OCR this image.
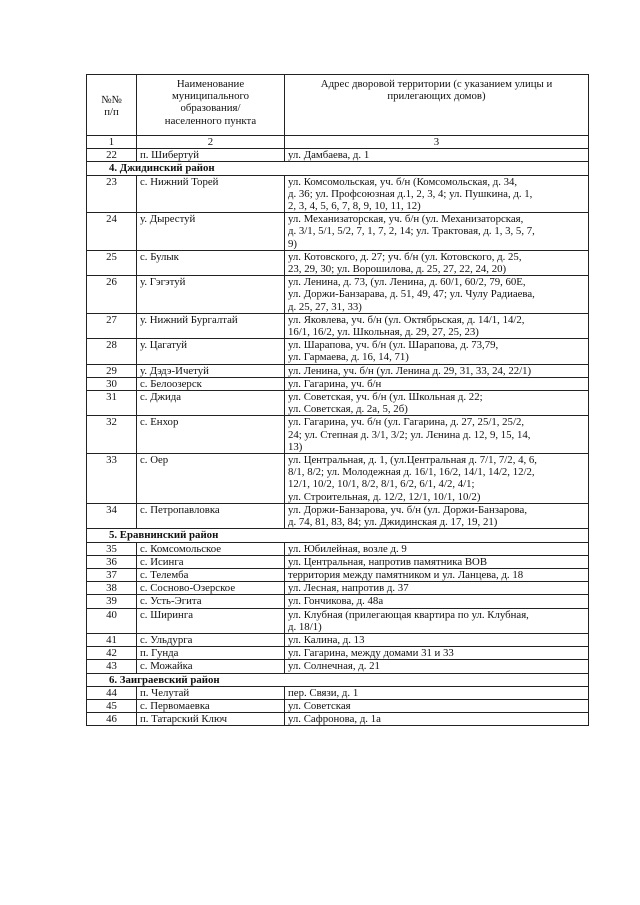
№№
п/п	Наименование
муниципального
образования/
населенного пункта	Адрес дворовой территории (с указанием улицы и
прилегающих домов)
1	2	3
22	п. Шибертуй	ул. Дамбаева, д. 1
4. Джидинский район		
23	с. Нижний Торей	ул. Комсомольская, уч. б/н (Комсомольская, д. 34,
д. 36; ул. Профсоюзная д.1, 2, 3, 4; ул. Пушкина, д. 1,
2, 3, 4, 5, 6, 7, 8, 9, 10, 11, 12)
24	у. Дырестуй	ул. Механизаторская, уч. б/н (ул. Механизаторская,
д. 3/1, 5/1, 5/2, 7, 1, 7, 2, 14; ул. Трактовая, д. 1, 3, 5, 7,
9)
25	с. Булык	ул. Котовского, д. 27; уч. б/н (ул. Котовского, д. 25,
23, 29, 30; ул. Ворошилова, д. 25, 27, 22, 24, 20)
26	у. Гэгэтуй	ул. Ленина, д. 73, (ул. Ленина, д. 60/1, 60/2, 79, 60Е,
ул. Доржи-Банзарава, д. 51, 49, 47; ул. Чулу Радиаева,
д. 25, 27, 31, 33)
27	у. Нижний Бургалтай	ул. Яковлева, уч. б/н (ул. Октябрьская, д. 14/1, 14/2,
16/1, 16/2, ул. Школьная, д. 29, 27, 25, 23)
28	у. Цагатуй	ул. Шарапова, уч. б/н (ул. Шарапова, д. 73,79,
ул. Гармаева, д. 16, 14, 71)
29	у. Дэдэ-Ичетуй	ул. Ленина, уч. б/н (ул. Ленина д. 29, 31, 33, 24, 22/1)
30	с. Белоозерск	ул. Гагарина, уч. б/н
31	с. Джида	ул. Советская, уч. б/н (ул. Школьная д. 22;
ул. Советская, д. 2а, 5, 2б)
32	с. Енхор	ул. Гагарина, уч. б/н (ул. Гагарина, д. 27, 25/1, 25/2,
24; ул. Степная д. 3/1, 3/2; ул. Лєнина д. 12, 9, 15, 14,
13)
33	с. Оер	ул. Центральная, д. 1, (ул.Центральная д. 7/1, 7/2, 4, 6,
8/1, 8/2; ул. Молодежная д. 16/1, 16/2, 14/1, 14/2, 12/2,
12/1, 10/2, 10/1, 8/2, 8/1, 6/2, 6/1, 4/2, 4/1;
ул. Строительная, д. 12/2, 12/1, 10/1, 10/2)
34	с. Петропавловка	ул. Доржи-Банзарова, уч. б/н (ул. Доржи-Банзарова,
д. 74, 81, 83, 84; ул. Джидинская д. 17, 19, 21)
5. Еравнинский район		
35	с. Комсомольское	ул. Юбилейная, возле д. 9
36	с. Исинга	ул. Центральная, напротив памятника ВОВ
37	с. Телемба	территория между памятником и ул. Ланцева, д. 18
38	с. Сосново-Озерское	ул. Лесная, напротив д. 37
39	с. Усть-Эгита	ул. Гончикова, д. 48а
40	с. Ширинга	ул. Клубная (прилегающая квартира по ул. Клубная,
д. 18/1)
41	с. Ульдурга	ул. Калина, д. 13
42	п. Гунда	ул. Гагарина, между домами 31 и 33
43	с. Можайка	ул. Солнечная, д. 21
6. Заиграевский район		
44	п. Челутай	пер. Связи, д. 1
45	с. Первомаевка	ул. Советская
46	п. Татарский Ключ	ул. Сафронова, д. 1а
